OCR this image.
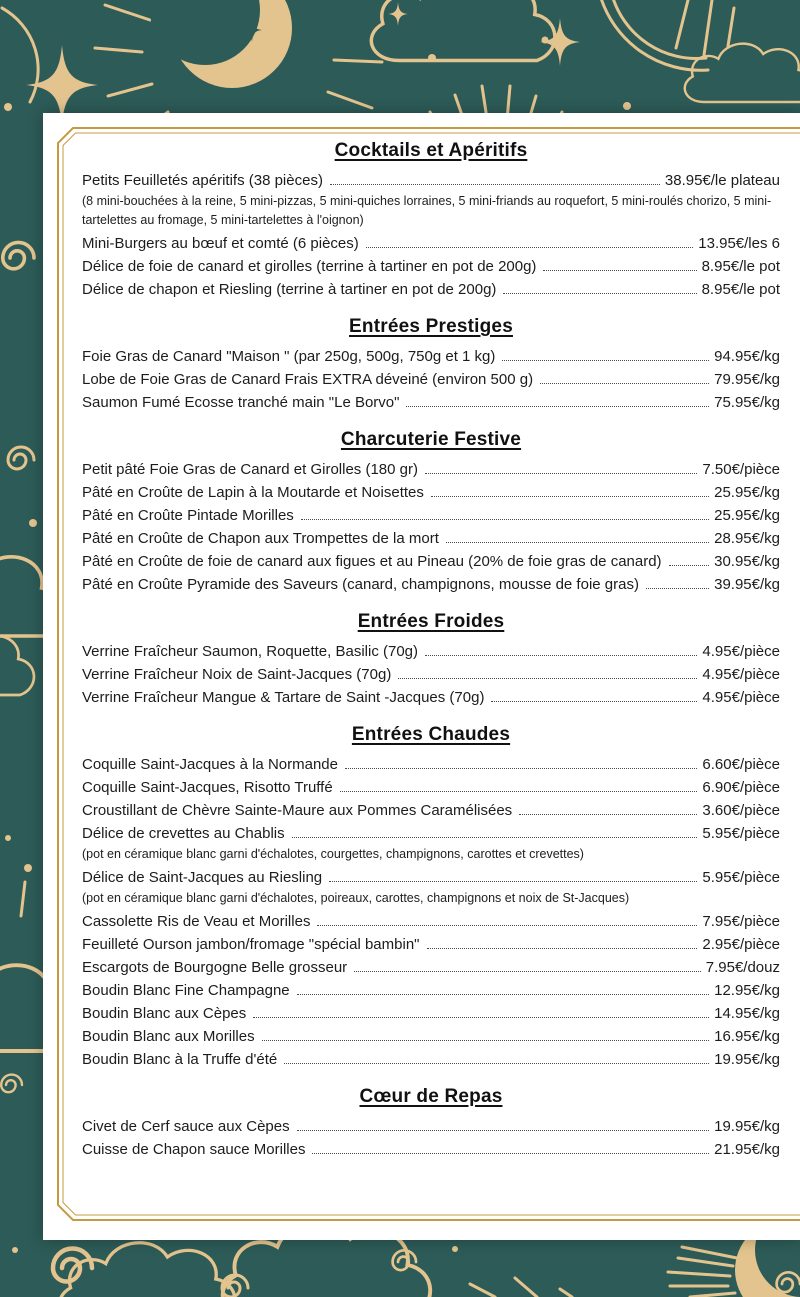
Cocktails et Apéritifs
Petits Feuilletés apéritifs (38 pièces)	38.95€/le plateau
(8 mini-bouchées à la reine, 5 mini-pizzas, 5 mini-quiches lorraines, 5 mini-friands au roquefort, 5 mini-roulés chorizo, 5 mini-tartelettes au fromage, 5 mini-tartelettes à l'oignon)
Mini-Burgers au bœuf et comté (6 pièces)	13.95€/les 6
Délice de foie de canard et girolles (terrine à tartiner en pot de 200g)	8.95€/le pot
Délice de chapon et Riesling (terrine à tartiner en pot de 200g)	8.95€/le pot
Entrées Prestiges
Foie Gras de Canard "Maison " (par 250g, 500g, 750g et 1 kg)	94.95€/kg
Lobe de Foie Gras de Canard Frais EXTRA déveiné (environ 500 g)	79.95€/kg
Saumon Fumé Ecosse tranché main "Le Borvo"	75.95€/kg
Charcuterie Festive
Petit pâté Foie Gras de Canard et Girolles (180 gr)	7.50€/pièce
Pâté en Croûte de Lapin à la Moutarde et Noisettes	25.95€/kg
Pâté en Croûte Pintade Morilles	25.95€/kg
Pâté en Croûte de Chapon aux Trompettes de la mort	28.95€/kg
Pâté en Croûte de foie de canard aux figues et au Pineau (20% de foie gras de canard)	30.95€/kg
Pâté en Croûte Pyramide des Saveurs (canard, champignons, mousse de foie gras)	39.95€/kg
Entrées Froides
Verrine Fraîcheur Saumon, Roquette, Basilic (70g)	4.95€/pièce
Verrine Fraîcheur Noix de Saint-Jacques (70g)	4.95€/pièce
Verrine Fraîcheur Mangue & Tartare de Saint -Jacques (70g)	4.95€/pièce
Entrées Chaudes
Coquille Saint-Jacques à la Normande	6.60€/pièce
Coquille Saint-Jacques, Risotto Truffé	6.90€/pièce
Croustillant de Chèvre Sainte-Maure aux Pommes Caramélisées	3.60€/pièce
Délice de crevettes au Chablis	5.95€/pièce
(pot en céramique blanc garni d'échalotes, courgettes, champignons, carottes et crevettes)
Délice de Saint-Jacques au Riesling	5.95€/pièce
(pot en céramique blanc garni d'échalotes, poireaux, carottes, champignons et noix de St-Jacques)
Cassolette Ris de Veau et Morilles	7.95€/pièce
Feuilleté Ourson jambon/fromage "spécial bambin"	2.95€/pièce
Escargots de Bourgogne Belle grosseur	7.95€/douz
Boudin Blanc Fine Champagne	12.95€/kg
Boudin Blanc aux Cèpes	14.95€/kg
Boudin Blanc aux Morilles	16.95€/kg
Boudin Blanc à la Truffe d'été	19.95€/kg
Cœur de Repas
Civet de Cerf sauce aux Cèpes	19.95€/kg
Cuisse de Chapon sauce Morilles	21.95€/kg
